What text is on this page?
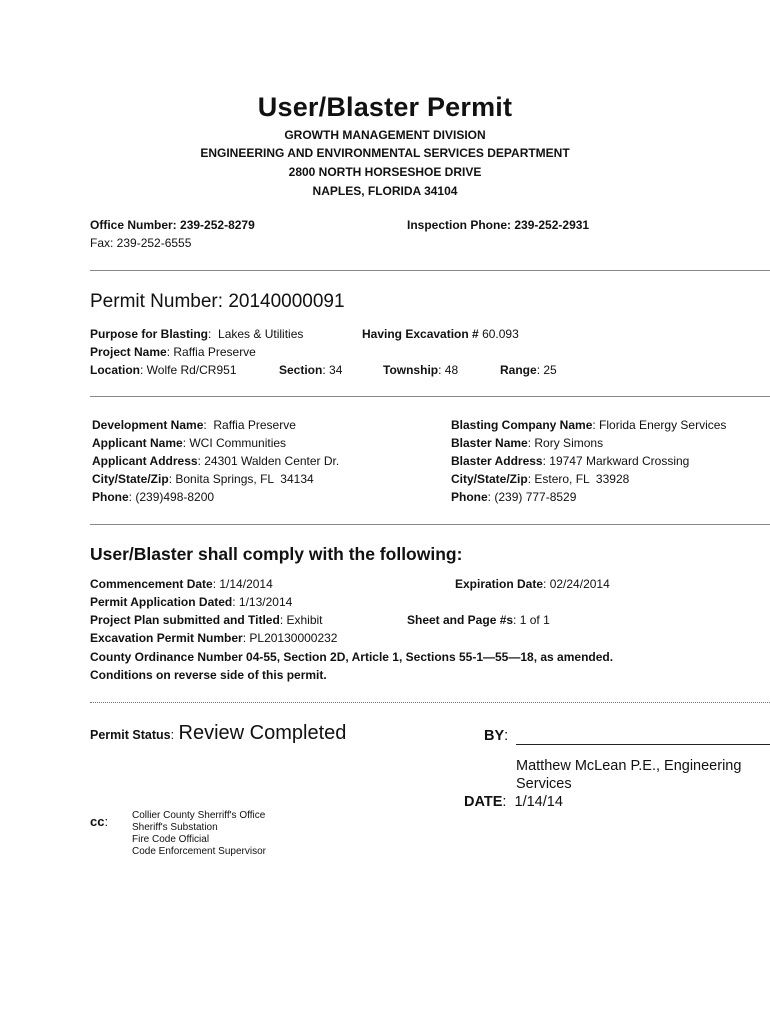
User/Blaster Permit
GROWTH MANAGEMENT DIVISION
ENGINEERING AND ENVIRONMENTAL SERVICES DEPARTMENT
2800 NORTH HORSESHOE DRIVE
NAPLES, FLORIDA 34104
Office Number: 239-252-8279
Fax: 239-252-6555
Inspection Phone: 239-252-2931
Permit Number: 20140000091
Purpose for Blasting:  Lakes & Utilities	Having Excavation # 60.093
Project Name: Raffia Preserve
Location: Wolfe Rd/CR951	Section: 34	Township: 48	Range: 25
Development Name:  Raffia Preserve
Applicant Name: WCI Communities
Applicant Address: 24301 Walden Center Dr.
City/State/Zip: Bonita Springs, FL  34134
Phone: (239)498-8200
Blasting Company Name: Florida Energy Services
Blaster Name: Rory Simons
Blaster Address: 19747 Markward Crossing
City/State/Zip: Estero, FL  33928
Phone: (239) 777-8529
User/Blaster shall comply with the following:
Commencement Date: 1/14/2014	Expiration Date: 02/24/2014
Permit Application Dated: 1/13/2014
Project Plan submitted and Titled: Exhibit	Sheet and Page #s: 1 of 1
Excavation Permit Number: PL20130000232
County Ordinance Number 04-55, Section 2D, Article 1, Sections 55-1—55—18, as amended.
Conditions on reverse side of this permit.
Permit Status: Review Completed	BY:
Matthew McLean P.E., Engineering
Services
DATE:  1/14/14
cc: Collier County Sherriff's Office
Sheriff's Substation
Fire Code Official
Code Enforcement Supervisor
